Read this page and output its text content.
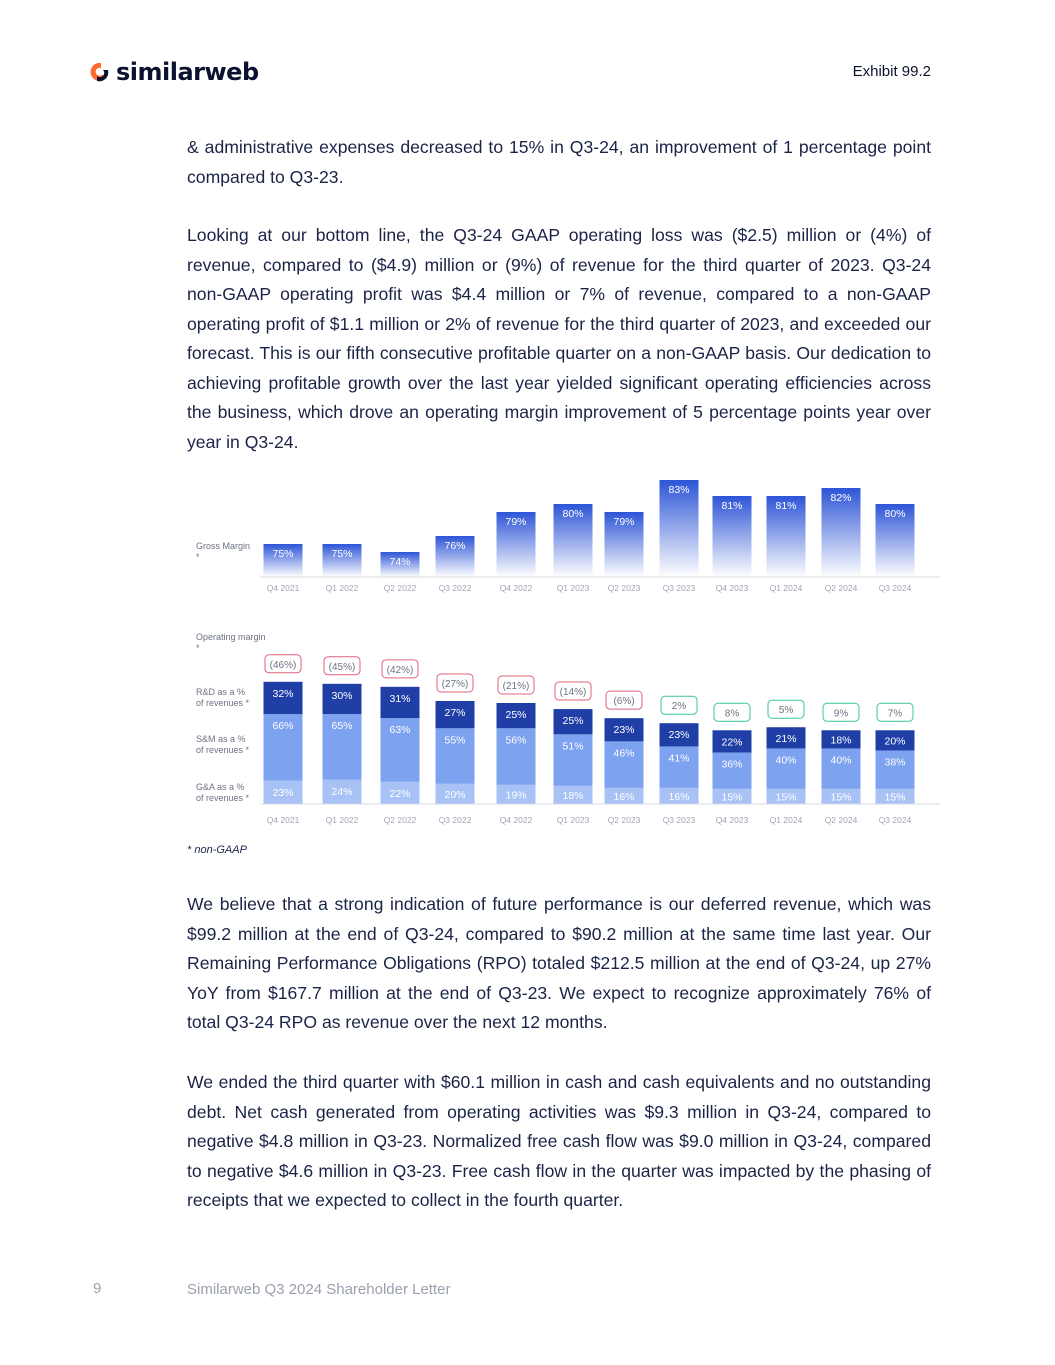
similarweb	Exhibit 99.2

& administrative expenses decreased to 15% in Q3-24, an improvement of 1 percentage point compared to Q3-23.

Looking at our bottom line, the Q3-24 GAAP operating loss was ($2.5) million or (4%) of revenue, compared to ($4.9) million or (9%) of revenue for the third quarter of 2023. Q3-24 non-GAAP operating profit was $4.4 million or 7% of revenue, compared to a non-GAAP operating profit of $1.1 million or 2% of revenue for the third quarter of 2023, and exceeded our forecast. This is our fifth consecutive profitable quarter on a non-GAAP basis. Our dedication to achieving profitable growth over the last year yielded significant operating efficiencies across the business, which drove an operating margin improvement of 5 percentage points year over year in Q3-24.

Gross Margin
*	75%	75%
74%
76%
79%
80%
79%
83%
81%	81%
82%
80%
Q4 2021	Q1 2022	Q2 2022	Q3 2022	Q4 2022	Q1 2023 Q2 2023	Q3 2023 Q4 2023	Q1 2024	Q2 2024	Q3 2024
Operating margin
*
R&D as a %
of revenues *
S&M as a %
of revenues *
G&A as a %
of revenues * 23%
66%
32%
(46%)
Q4 2021
24%
65%
30%
(45%)
Q1 2022
22%
63%
31%
(42%)
Q2 2022
20%
55%
27%
(27%)
Q3 2022
19%
56%
25%
(21%)
Q4 2022
18%
51%
25%
(14%)
Q1 2023
16%
46%
23%
(6%)
Q2 2023
16%
41%
23%
2%
Q3 2023
15%
36%
22%
8%
Q4 2023
15%
40%
21%
5%
Q1 2024
15%
40%
18%
9%
Q2 2024
15%
38%
20%
7%
Q3 2024
* non-GAAP

We believe that a strong indication of future performance is our deferred revenue, which was $99.2 million at the end of Q3-24, compared to $90.2 million at the same time last year. Our Remaining Performance Obligations (RPO) totaled $212.5 million at the end of Q3-24, up 27% YoY from $167.7 million at the end of Q3-23. We expect to recognize approximately 76% of total Q3-24 RPO as revenue over the next 12 months.

We ended the third quarter with $60.1 million in cash and cash equivalents and no outstanding debt. Net cash generated from operating activities was $9.3 million in Q3-24, compared to negative $4.8 million in Q3-23. Normalized free cash flow was $9.0 million in Q3-24, compared to negative $4.6 million in Q3-23. Free cash flow in the quarter was impacted by the phasing of receipts that we expected to collect in the fourth quarter.

9	Similarweb Q3 2024 Shareholder Letter
